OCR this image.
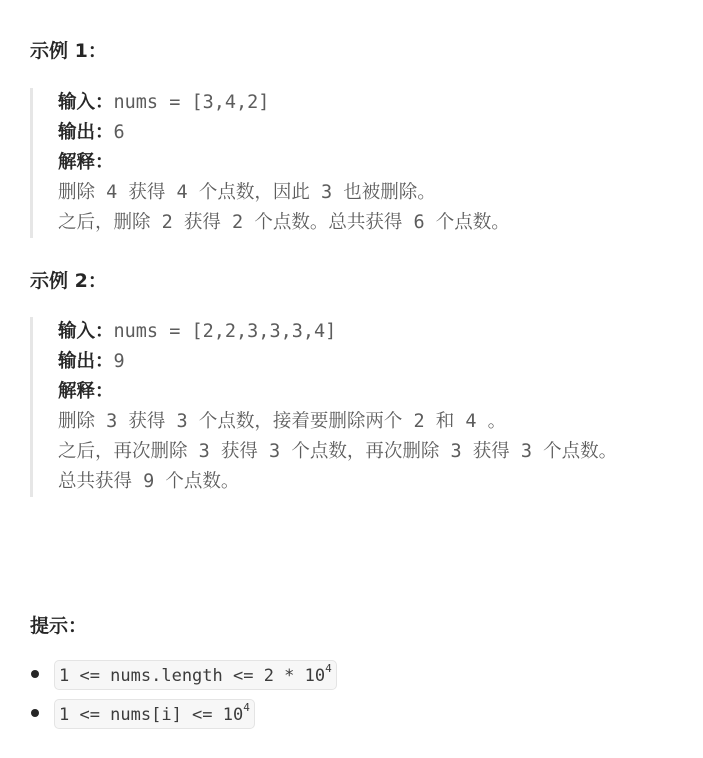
示例 1：
输入：nums = [3,4,2]
输出：6
解释：
删除 4 获得 4 个点数，因此 3 也被删除。
之后，删除 2 获得 2 个点数。总共获得 6 个点数。
示例 2：
输入：nums = [2,2,3,3,3,4]
输出：9
解释：
删除 3 获得 3 个点数，接着要删除两个 2 和 4 。
之后，再次删除 3 获得 3 个点数，再次删除 3 获得 3 个点数。
总共获得 9 个点数。
提示：
1 <= nums.length <= $2 * 10^4$
1 <= nums[i] <= $10^4$
